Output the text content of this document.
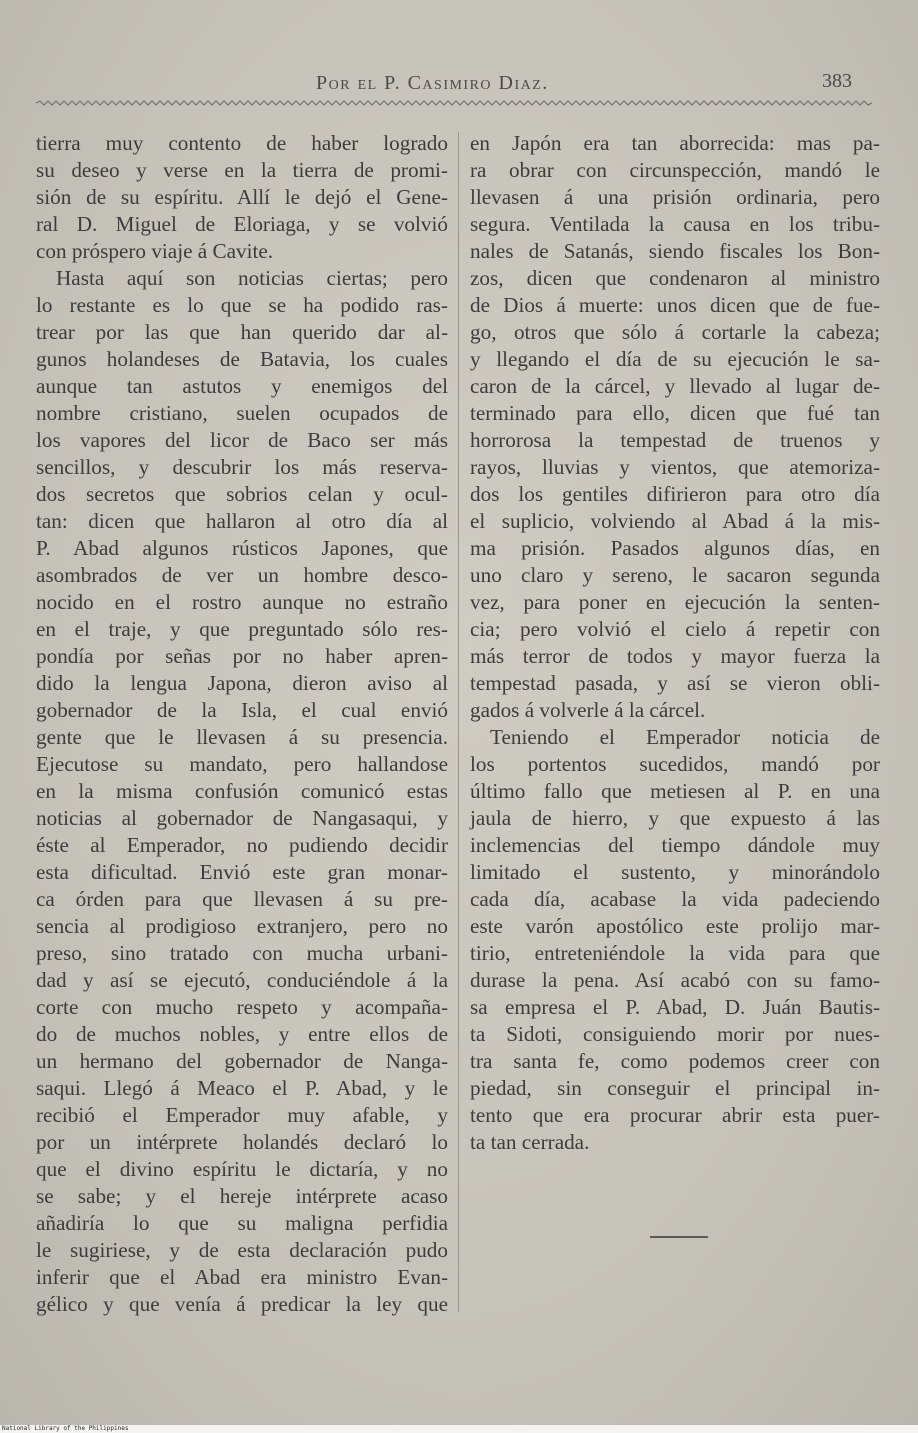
Por el P. Casimiro Diaz.	383
tierra muy contento de haber logrado
su deseo y verse en la tierra de promi-
sión de su espíritu. Allí le dejó el Gene-
ral D. Miguel de Eloriaga, y se volvió
con próspero viaje á Cavite.
Hasta aquí son noticias ciertas; pero
lo restante es lo que se ha podido ras-
trear por las que han querido dar al-
gunos holandeses de Batavia, los cuales
aunque tan astutos y enemigos del
nombre cristiano, suelen ocupados de
los vapores del licor de Baco ser más
sencillos, y descubrir los más reserva-
dos secretos que sobrios celan y ocul-
tan: dicen que hallaron al otro día al
P. Abad algunos rústicos Japones, que
asombrados de ver un hombre desco-
nocido en el rostro aunque no estraño
en el traje, y que preguntado sólo res-
pondía por señas por no haber apren-
dido la lengua Japona, dieron aviso al
gobernador de la Isla, el cual envió
gente que le llevasen á su presencia.
Ejecutose su mandato, pero hallandose
en la misma confusión comunicó estas
noticias al gobernador de Nangasaqui, y
éste al Emperador, no pudiendo decidir
esta dificultad. Envió este gran monar-
ca órden para que llevasen á su pre-
sencia al prodigioso extranjero, pero no
preso, sino tratado con mucha urbani-
dad y así se ejecutó, conduciéndole á la
corte con mucho respeto y acompaña-
do de muchos nobles, y entre ellos de
un hermano del gobernador de Nanga-
saqui. Llegó á Meaco el P. Abad, y le
recibió el Emperador muy afable, y
por un intérprete holandés declaró lo
que el divino espíritu le dictaría, y no
se sabe; y el hereje intérprete acaso
añadiría lo que su maligna perfidia
le sugiriese, y de esta declaración pudo
inferir que el Abad era ministro Evan-
gélico y que venía á predicar la ley que
en Japón era tan aborrecida: mas pa-
ra obrar con circunspección, mandó le
llevasen á una prisión ordinaria, pero
segura. Ventilada la causa en los tribu-
nales de Satanás, siendo fiscales los Bon-
zos, dicen que condenaron al ministro
de Dios á muerte: unos dicen que de fue-
go, otros que sólo á cortarle la cabeza;
y llegando el día de su ejecución le sa-
caron de la cárcel, y llevado al lugar de-
terminado para ello, dicen que fué tan
horrorosa la tempestad de truenos y
rayos, lluvias y vientos, que atemoriza-
dos los gentiles difirieron para otro día
el suplicio, volviendo al Abad á la mis-
ma prisión. Pasados algunos días, en
uno claro y sereno, le sacaron segunda
vez, para poner en ejecución la senten-
cia; pero volvió el cielo á repetir con
más terror de todos y mayor fuerza la
tempestad pasada, y así se vieron obli-
gados á volverle á la cárcel.
Teniendo el Emperador noticia de
los portentos sucedidos, mandó por
último fallo que metiesen al P. en una
jaula de hierro, y que expuesto á las
inclemencias del tiempo dándole muy
limitado el sustento, y minorándolo
cada día, acabase la vida padeciendo
este varón apostólico este prolijo mar-
tirio, entreteniéndole la vida para que
durase la pena. Así acabó con su famo-
sa empresa el P. Abad, D. Juán Bautis-
ta Sidoti, consiguiendo morir por nues-
tra santa fe, como podemos creer con
piedad, sin conseguir el principal in-
tento que era procurar abrir esta puer-
ta tan cerrada.
National Library of the Philippines
